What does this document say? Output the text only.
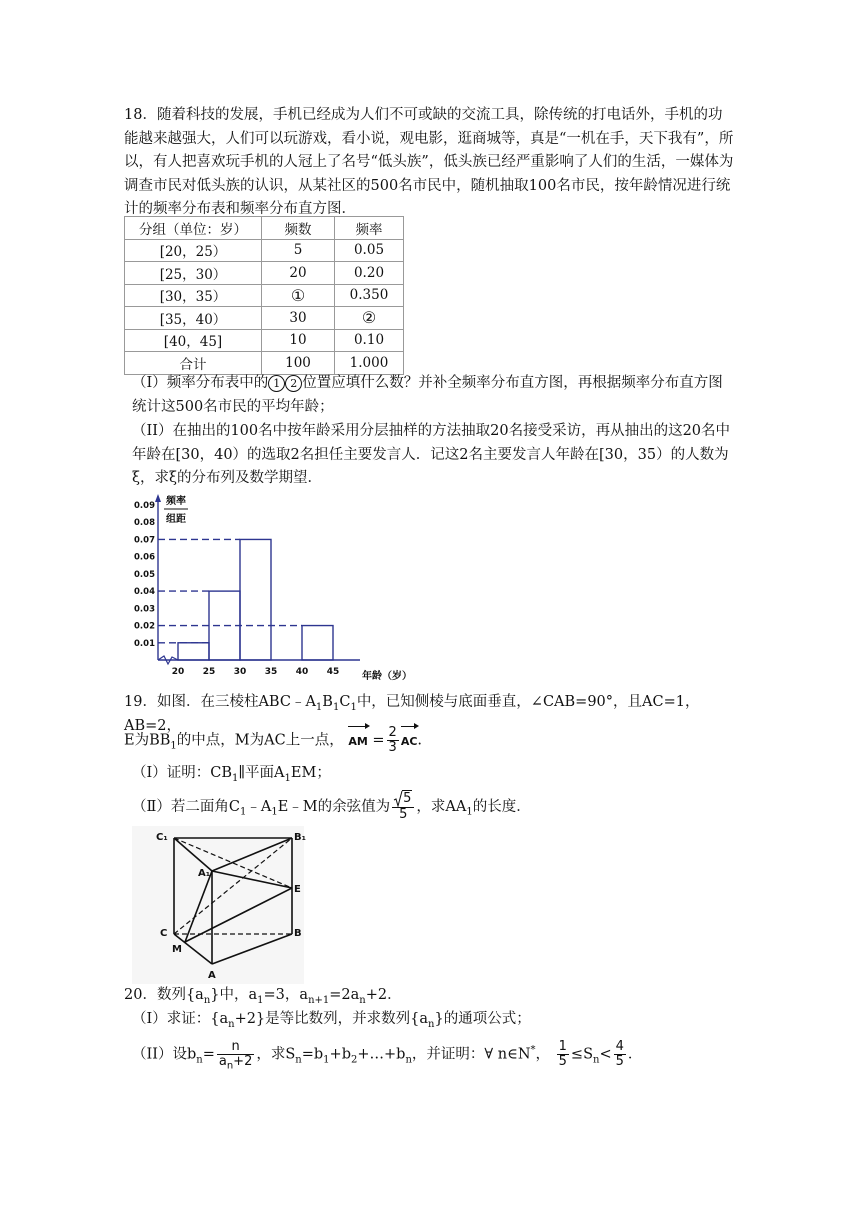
18．随着科技的发展，手机已经成为人们不可或缺的交流工具，除传统的打电话外，手机的功能越来越强大，人们可以玩游戏，看小说，观电影，逛商城等，真是“一机在手，天下我有”，所以，有人把喜欢玩手机的人冠上了名号“低头族”，低头族已经严重影响了人们的生活，一媒体为调查市民对低头族的认识，从某社区的500名市民中，随机抽取100名市民，按年龄情况进行统计的频率分布表和频率分布直方图．

分组（单位：岁）	频数	频率
[20，25）	5	0.05
[25，30）	20	0.20
[30，35）	①	0.350
[35，40）	30	②
[40，45]	10	0.10
合计	100	1.000

（I）频率分布表中的 1 2 位置应填什么数？并补全频率分布直方图，再根据频率分布直方图统计这500名市民的平均年龄；

（II）在抽出的100名中按年龄采用分层抽样的方法抽取20名接受采访，再从抽出的这20名中年龄在[30，40）的选取2名担任主要发言人．记这2名主要发言人年龄在[30，35）的人数为ξ，求ξ的分布列及数学期望．

频率
组距
年龄（岁）
0.01
0.02
0.03
0.04
0.05
0.06
0.07
0.08
0.09
20 25 30 35 40 45

19．如图．在三棱柱$ABC﹣A_1B_1C_1$中，已知侧棱与底面垂直，∠CAB=90°，且AC=1，AB=2，

E为$BB_1$的中点，M为AC上一点， AM = $\frac{2}{3}$ AC.

（I）证明：$CB_1\parallel$平面$A_1EM$；

（Ⅱ）若二面角$C_1﹣A_1E﹣M$的余弦值为 $\frac{5}{5}$ ，求$AA_1$的长度．

C₁	B₁
A₁
E
C	B
M
A

20．数列$\{a_n\}$中，$a_1=3$，$a_{n+1}=2a_n+2$．

（I）求证：$\{a_n+2\}$是等比数列，并求数列$\{a_n\}$的通项公式；

（II）设$b_n= \frac{n}{a_n+2}$ ，求$S_n=b_1+b_2+\dots+b_n$，并证明：∀ n∈N*， $\frac{1}{5} \le S_n< \frac{4}{5}$ ．
